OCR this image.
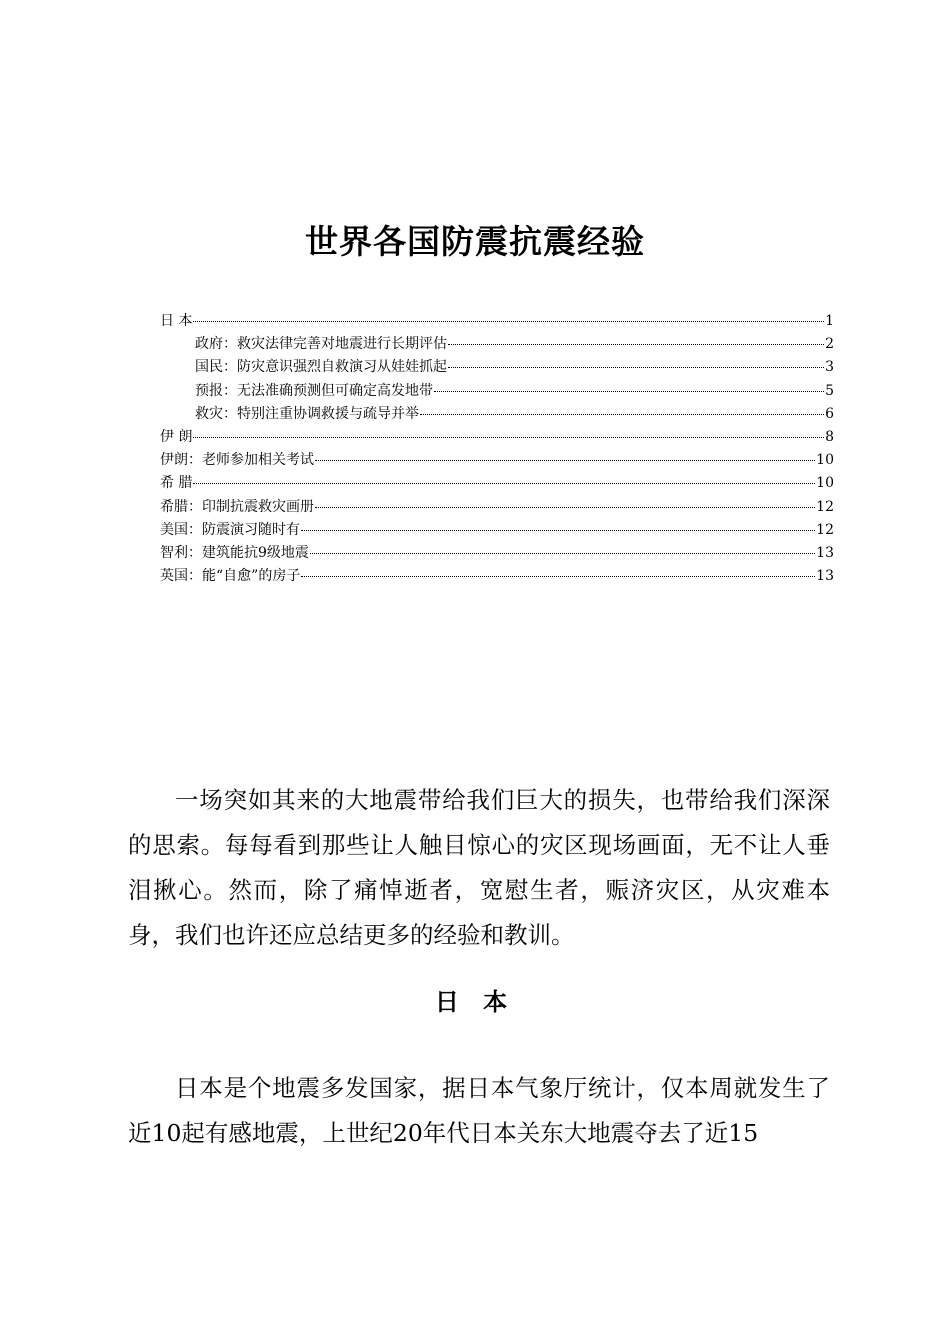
世界各国防震抗震经验
日 本	1
政府：救灾法律完善对地震进行长期评估	2
国民：防灾意识强烈自救演习从娃娃抓起	3
预报：无法准确预测但可确定高发地带	5
救灾：特别注重协调救援与疏导并举	6
伊 朗	8
伊朗：老师参加相关考试	10
希 腊	10
希腊：印制抗震救灾画册	12
美国：防震演习随时有	12
智利：建筑能抗9级地震	13
英国：能“自愈”的房子	13
一场突如其来的大地震带给我们巨大的损失，也带给我们深深的思索。每每看到那些让人触目惊心的灾区现场画面，无不让人垂泪揪心。然而，除了痛悼逝者，宽慰生者，赈济灾区，从灾难本身，我们也许还应总结更多的经验和教训。
日 本
日本是个地震多发国家，据日本气象厅统计，仅本周就发生了近10起有感地震，上世纪20年代日本关东大地震夺去了近15
